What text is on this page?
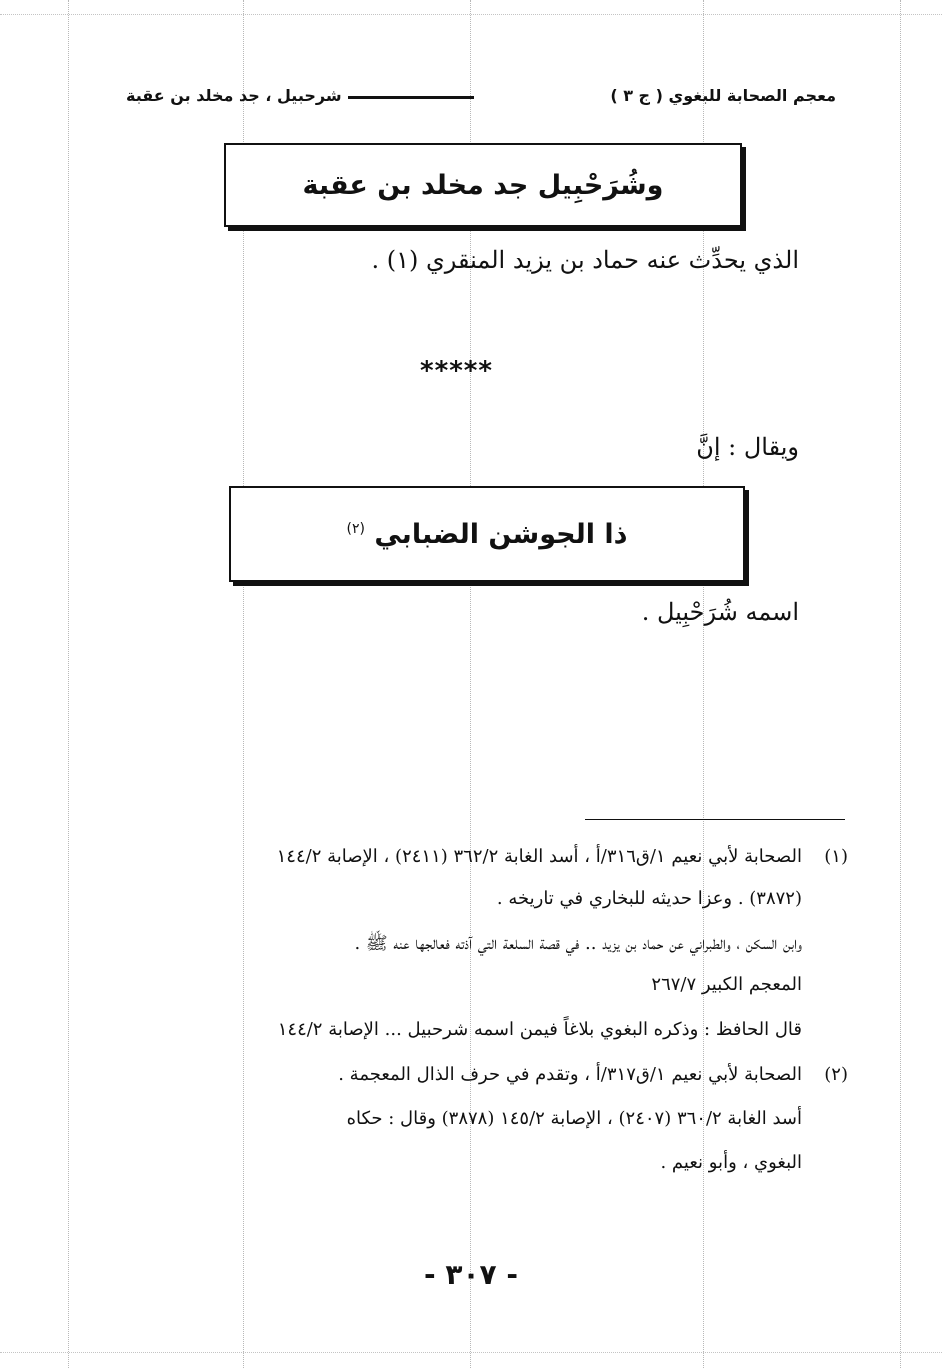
معجم الصحابة للبغوي ( ج ٣ )
شرحبيل ، جد مخلد بن عقبة
وشُرَحْبِيل جد مخلد بن عقبة
الذي يحدِّث عنه حماد بن يزيد المنقري (١) .
*****
ويقال : إنَّ
ذا الجوشن الضبابي $^{(٢)}$
اسمه شُرَحْبِيل .
(١)
الصحابة لأبي نعيم ١/ق٣١٦/أ ، أسد الغابة ٣٦٢/٢ (٢٤١١) ، الإصابة ١٤٤/٢
(٣٨٧٢) . وعزا حديثه للبخاري في تاريخه .
وابن السكن ، والطبراني عن حماد بن يزيد .. في قصة السلعة التي آذته فعالجها عنه ﷺ .
المعجم الكبير ٢٦٧/٧
قال الحافظ : وذكره البغوي بلاغاً فيمن اسمه شرحبيل ... الإصابة ١٤٤/٢
(٢)
الصحابة لأبي نعيم ١/ق٣١٧/أ ، وتقدم في حرف الذال المعجمة .
أسد الغابة ٣٦٠/٢ (٢٤٠٧) ، الإصابة ١٤٥/٢ (٣٨٧٨) وقال : حكاه
البغوي ، وأبو نعيم .
- ٣٠٧ -
